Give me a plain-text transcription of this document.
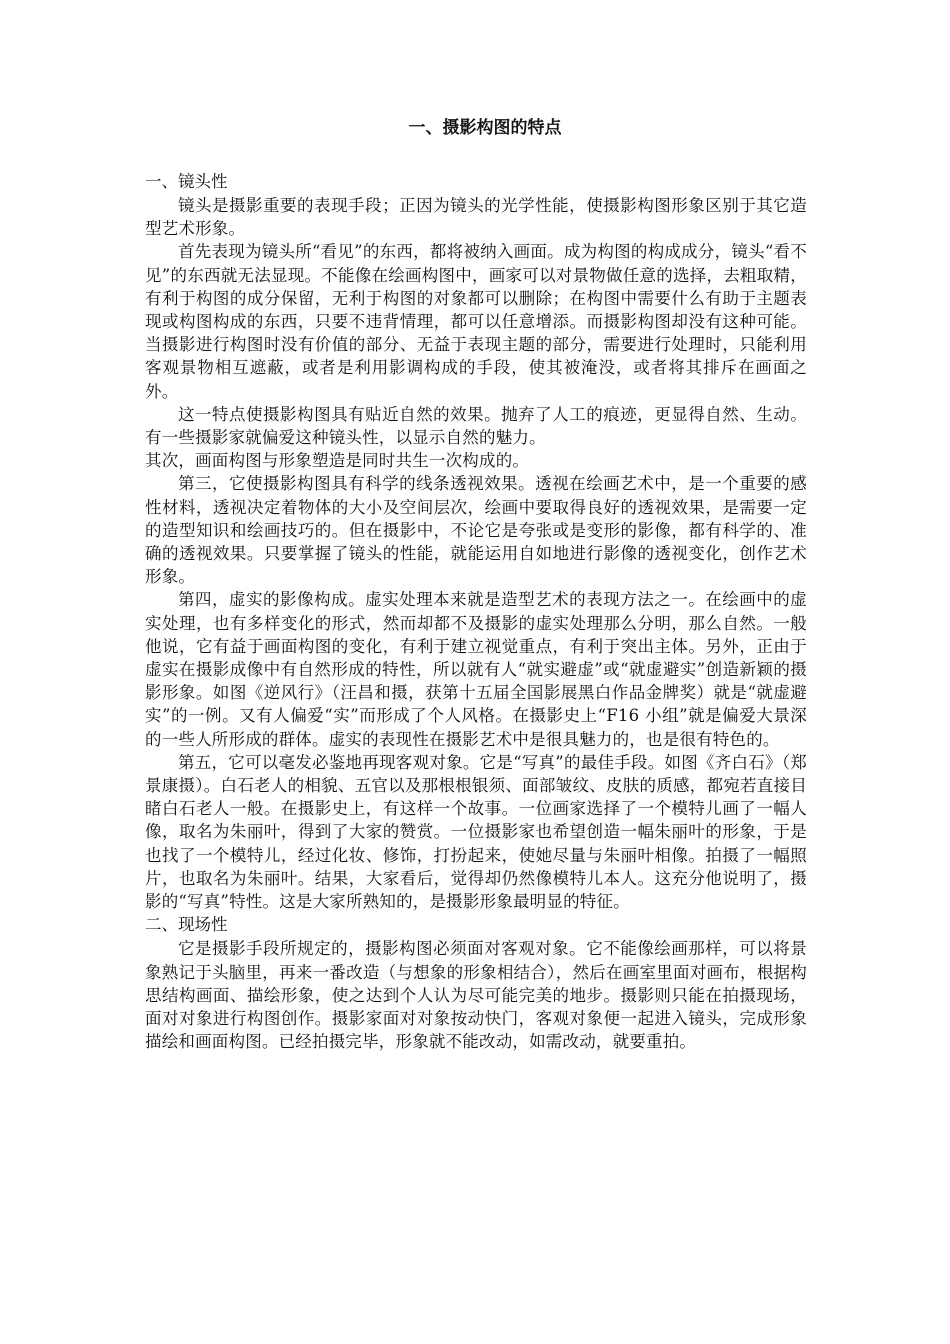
一、摄影构图的特点

一、镜头性

镜头是摄影重要的表现手段；正因为镜头的光学性能，使摄影构图形象区别于其它造型艺术形象。

首先表现为镜头所“看见”的东西，都将被纳入画面。成为构图的构成成分，镜头“看不见”的东西就无法显现。不能像在绘画构图中，画家可以对景物做任意的选择，去粗取精，有利于构图的成分保留，无利于构图的对象都可以删除；在构图中需要什么有助于主题表现或构图构成的东西，只要不违背情理，都可以任意增添。而摄影构图却没有这种可能。当摄影进行构图时没有价值的部分、无益于表现主题的部分，需要进行处理时，只能利用客观景物相互遮蔽，或者是利用影调构成的手段，使其被淹没，或者将其排斥在画面之外。

这一特点使摄影构图具有贴近自然的效果。抛弃了人工的痕迹，更显得自然、生动。有一些摄影家就偏爱这种镜头性，以显示自然的魅力。

其次，画面构图与形象塑造是同时共生一次构成的。

第三，它使摄影构图具有科学的线条透视效果。透视在绘画艺术中，是一个重要的感性材料，透视决定着物体的大小及空间层次，绘画中要取得良好的透视效果，是需要一定的造型知识和绘画技巧的。但在摄影中，不论它是夸张或是变形的影像，都有科学的、准确的透视效果。只要掌握了镜头的性能，就能运用自如地进行影像的透视变化，创作艺术形象。

第四，虚实的影像构成。虚实处理本来就是造型艺术的表现方法之一。在绘画中的虚实处理，也有多样变化的形式，然而却都不及摄影的虚实处理那么分明，那么自然。一般他说，它有益于画面构图的变化，有利于建立视觉重点，有利于突出主体。另外，正由于虚实在摄影成像中有自然形成的特性，所以就有人“就实避虚”或“就虚避实”创造新颖的摄影形象。如图《逆风行》（汪昌和摄，获第十五届全国影展黑白作品金牌奖）就是“就虚避实”的一例。又有人偏爱“实”而形成了个人风格。在摄影史上“F16 小组”就是偏爱大景深的一些人所形成的群体。虚实的表现性在摄影艺术中是很具魅力的，也是很有特色的。

第五，它可以毫发必鉴地再现客观对象。它是“写真”的最佳手段。如图《齐白石》（郑景康摄）。白石老人的相貌、五官以及那根根银须、面部皱纹、皮肤的质感，都宛若直接目睹白石老人一般。在摄影史上，有这样一个故事。一位画家选择了一个模特儿画了一幅人像，取名为朱丽叶，得到了大家的赞赏。一位摄影家也希望创造一幅朱丽叶的形象，于是也找了一个模特儿，经过化妆、修饰，打扮起来，使她尽量与朱丽叶相像。拍摄了一幅照片，也取名为朱丽叶。结果，大家看后，觉得却仍然像模特儿本人。这充分他说明了，摄影的“写真”特性。这是大家所熟知的，是摄影形象最明显的特征。

二、现场性

它是摄影手段所规定的，摄影构图必须面对客观对象。它不能像绘画那样，可以将景象熟记于头脑里，再来一番改造（与想象的形象相结合），然后在画室里面对画布，根据构思结构画面、描绘形象，使之达到个人认为尽可能完美的地步。摄影则只能在拍摄现场，面对对象进行构图创作。摄影家面对对象按动快门，客观对象便一起进入镜头，完成形象描绘和画面构图。已经拍摄完毕，形象就不能改动，如需改动，就要重拍。
